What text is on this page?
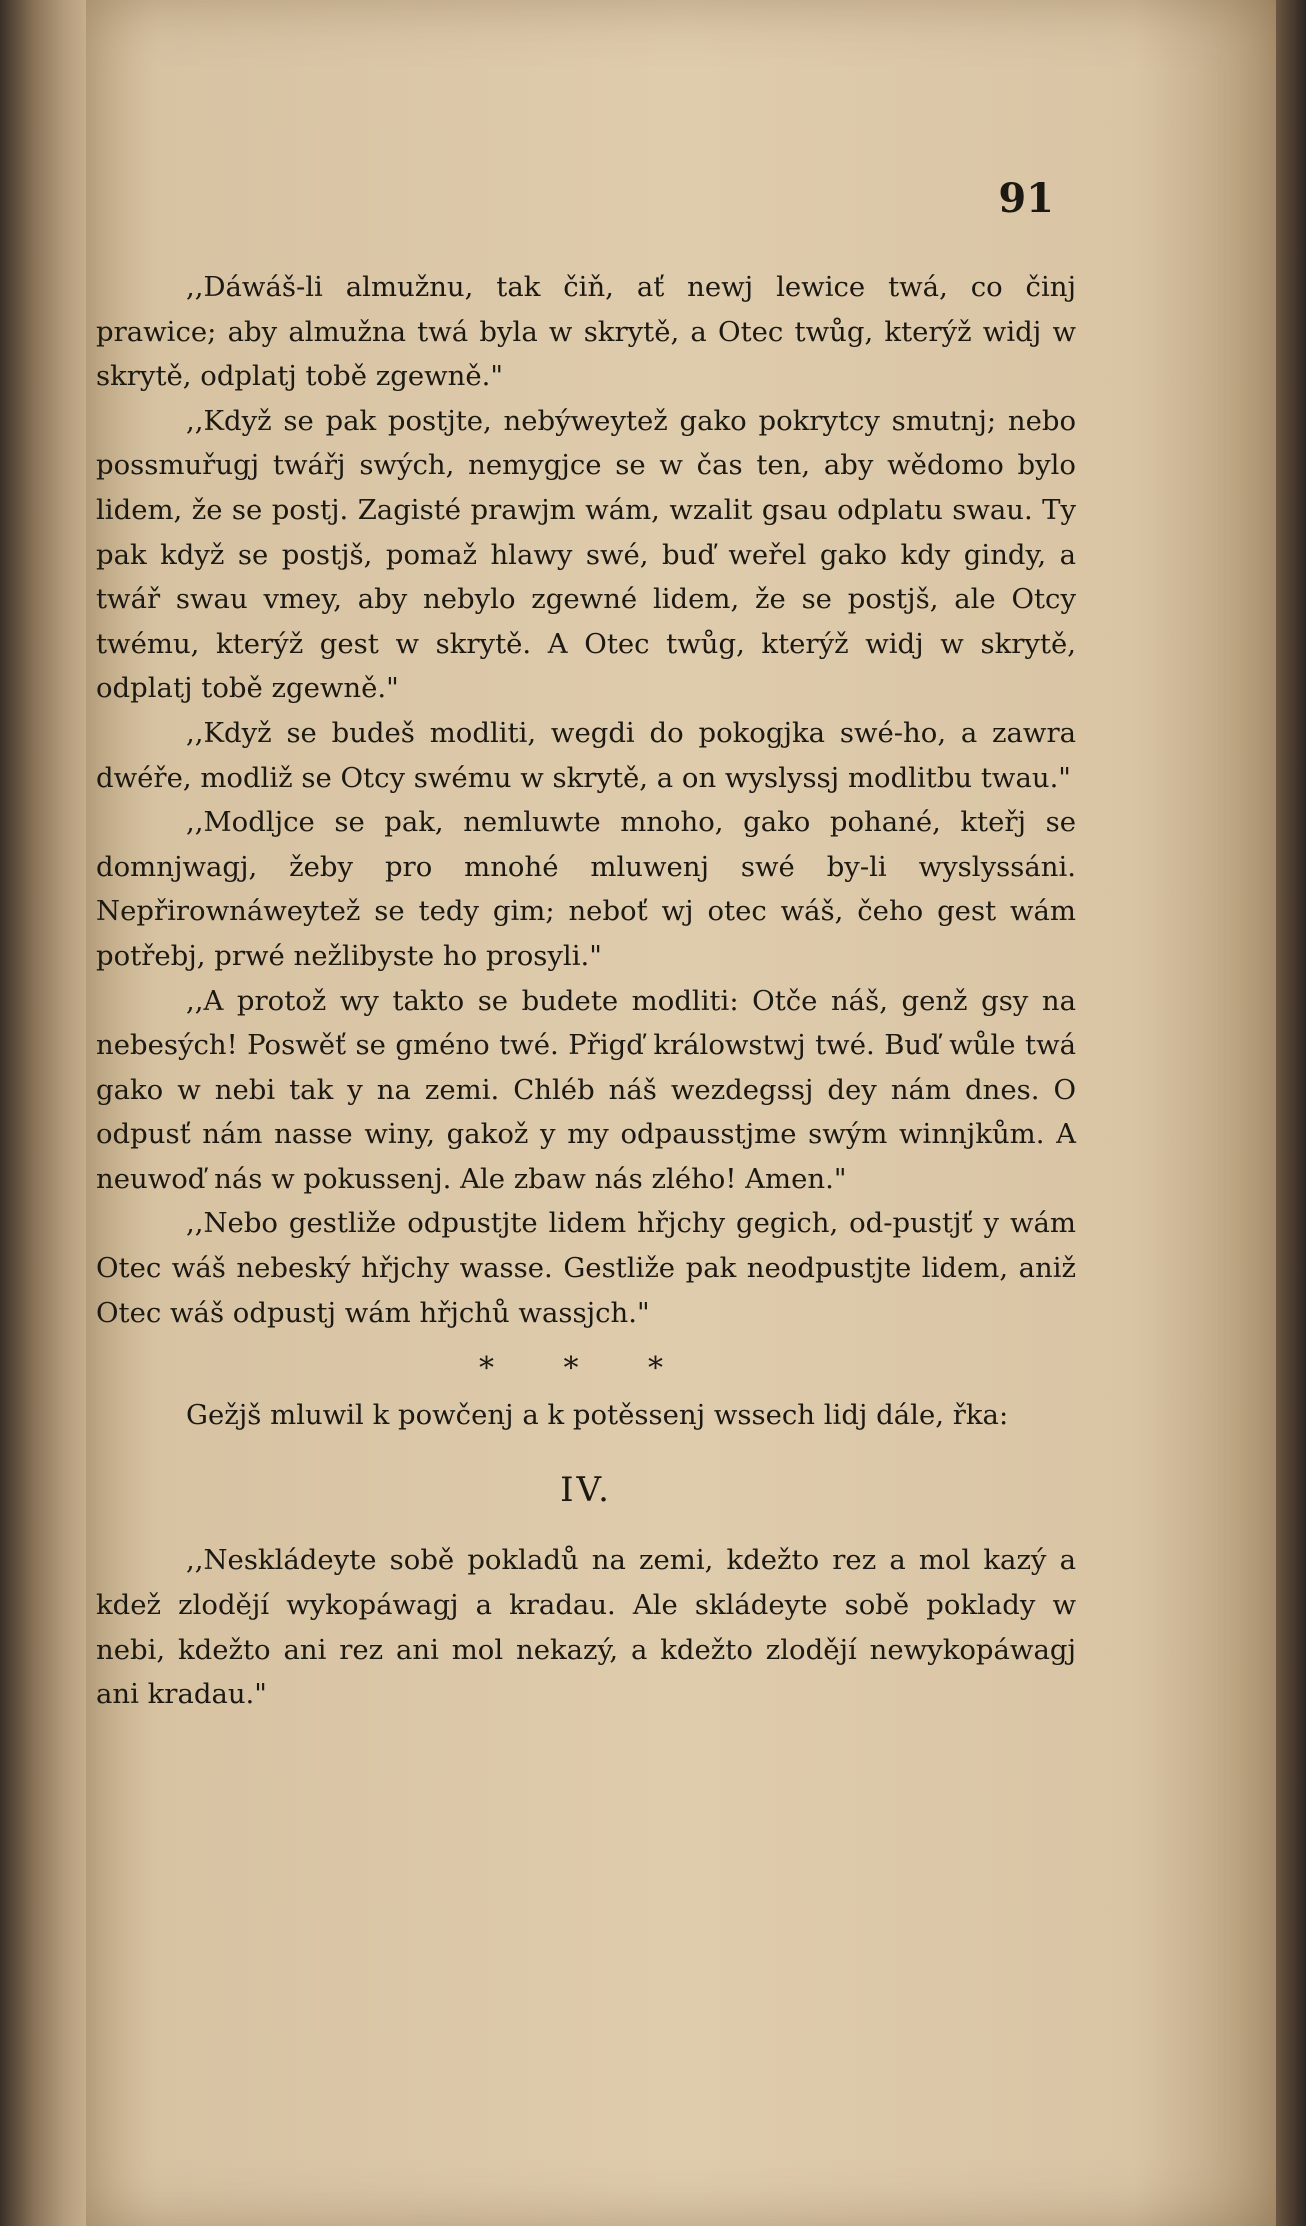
91

,,Dáwáš-li almužnu, tak čiň, ať newj lewice twá, co činj prawice; aby almužna twá byla w skrytě, a Otec twůg, kterýž widj w skrytě, odplatj tobě zgewně."

,,Když se pak postjte, nebýweytež gako pokrytcy smutnj; nebo possmuřugj twářj swých, nemygjce se w čas ten, aby wědomo bylo lidem, že se postj. Zagisté prawjm wám, wzalit gsau odplatu swau. Ty pak když se postjš, pomaž hlawy swé, buď weřel gako kdy gindy, a twář swau vmey, aby nebylo zgewné lidem, že se postjš, ale Otcy twému, kterýž gest w skrytě. A Otec twůg, kterýž widj w skrytě, odplatj tobě zgewně."

,,Když se budeš modliti, wegdi do pokogjka swé-ho, a zawra dwéře, modliž se Otcy swému w skrytě, a on wyslyssj modlitbu twau."

,,Modljce se pak, nemluwte mnoho, gako pohané, kteřj se domnjwagj, žeby pro mnohé mluwenj swé by-li wyslyssáni. Nepřirownáweytež se tedy gim; neboť wj otec wáš, čeho gest wám potřebj, prwé nežlibyste ho prosyli."

,,A protož wy takto se budete modliti: Otče náš, genž gsy na nebesých! Poswěť se gméno twé. Přigď králowstwj twé. Buď wůle twá gako w nebi tak y na zemi. Chléb náš wezdegssj dey nám dnes. O odpusť nám nasse winy, gakož y my odpausstjme swým winnjkům. A neuwoď nás w pokussenj. Ale zbaw nás zlého! Amen."

,,Nebo gestliže odpustjte lidem hřjchy gegich, od-pustjť y wám Otec wáš nebeský hřjchy wasse. Gestliže pak neodpustjte lidem, aniž Otec wáš odpustj wám hřjchů wassjch."

* * *

Gežjš mluwil k powčenj a k potěssenj wssech lidj dále, řka:

IV.

,,Neskládeyte sobě pokladů na zemi, kdežto rez a mol kazý a kdež zlodějí wykopáwagj a kradau. Ale skládeyte sobě poklady w nebi, kdežto ani rez ani mol nekazý, a kdežto zlodějí newykopáwagj ani kradau."
